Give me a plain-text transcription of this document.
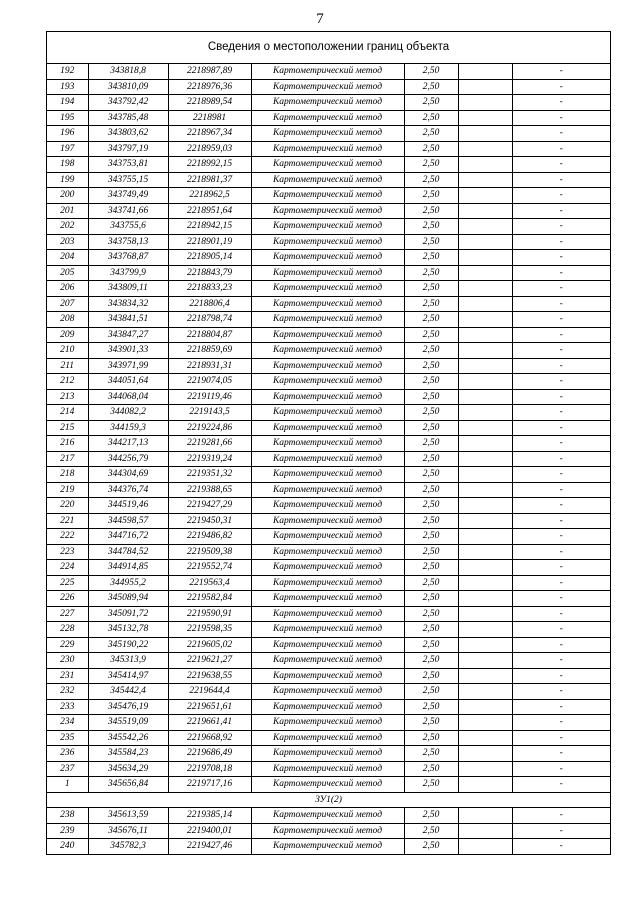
7
Сведения о местоположении границ объекта
192	343818,8	2218987,89	Картометрический метод	2,50		-
193	343810,09	2218976,36	Картометрический метод	2,50		-
194	343792,42	2218989,54	Картометрический метод	2,50		-
195	343785,48	2218981	Картометрический метод	2,50		-
196	343803,62	2218967,34	Картометрический метод	2,50		-
197	343797,19	2218959,03	Картометрический метод	2,50		-
198	343753,81	2218992,15	Картометрический метод	2,50		-
199	343755,15	2218981,37	Картометрический метод	2,50		-
200	343749,49	2218962,5	Картометрический метод	2,50		-
201	343741,66	2218951,64	Картометрический метод	2,50		-
202	343755,6	2218942,15	Картометрический метод	2,50		-
203	343758,13	2218901,19	Картометрический метод	2,50		-
204	343768,87	2218905,14	Картометрический метод	2,50		-
205	343799,9	2218843,79	Картометрический метод	2,50		-
206	343809,11	2218833,23	Картометрический метод	2,50		-
207	343834,32	2218806,4	Картометрический метод	2,50		-
208	343841,51	2218798,74	Картометрический метод	2,50		-
209	343847,27	2218804,87	Картометрический метод	2,50		-
210	343901,33	2218859,69	Картометрический метод	2,50		-
211	343971,99	2218931,31	Картометрический метод	2,50		-
212	344051,64	2219074,05	Картометрический метод	2,50		-
213	344068,04	2219119,46	Картометрический метод	2,50		-
214	344082,2	2219143,5	Картометрический метод	2,50		-
215	344159,3	2219224,86	Картометрический метод	2,50		-
216	344217,13	2219281,66	Картометрический метод	2,50		-
217	344256,79	2219319,24	Картометрический метод	2,50		-
218	344304,69	2219351,32	Картометрический метод	2,50		-
219	344376,74	2219388,65	Картометрический метод	2,50		-
220	344519,46	2219427,29	Картометрический метод	2,50		-
221	344598,57	2219450,31	Картометрический метод	2,50		-
222	344716,72	2219486,82	Картометрический метод	2,50		-
223	344784,52	2219509,38	Картометрический метод	2,50		-
224	344914,85	2219552,74	Картометрический метод	2,50		-
225	344955,2	2219563,4	Картометрический метод	2,50		-
226	345089,94	2219582,84	Картометрический метод	2,50		-
227	345091,72	2219590,91	Картометрический метод	2,50		-
228	345132,78	2219598,35	Картометрический метод	2,50		-
229	345190,22	2219605,02	Картометрический метод	2,50		-
230	345313,9	2219621,27	Картометрический метод	2,50		-
231	345414,97	2219638,55	Картометрический метод	2,50		-
232	345442,4	2219644,4	Картометрический метод	2,50		-
233	345476,19	2219651,61	Картометрический метод	2,50		-
234	345519,09	2219661,41	Картометрический метод	2,50		-
235	345542,26	2219668,92	Картометрический метод	2,50		-
236	345584,23	2219686,49	Картометрический метод	2,50		-
237	345634,29	2219708,18	Картометрический метод	2,50		-
1	345656,84	2219717,16	Картометрический метод	2,50		-
ЗУ1(2)						
238	345613,59	2219385,14	Картометрический метод	2,50		-
239	345676,11	2219400,01	Картометрический метод	2,50		-
240	345782,3	2219427,46	Картометрический метод	2,50		-
